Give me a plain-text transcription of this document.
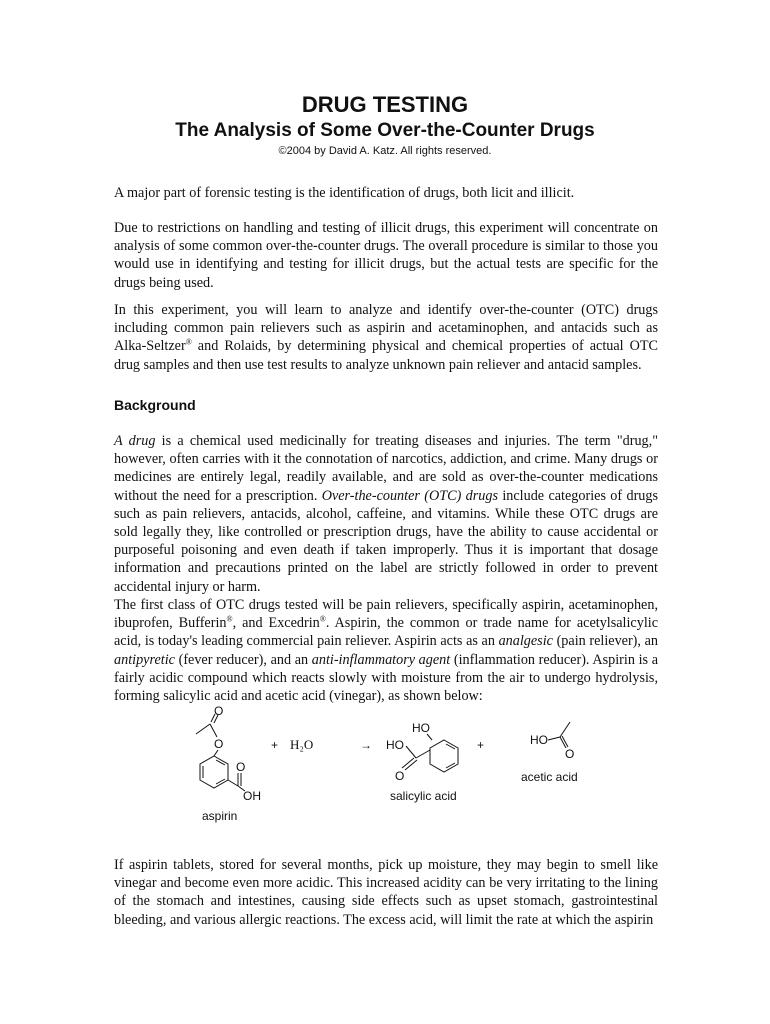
DRUG TESTING
The Analysis of Some Over-the-Counter Drugs

©2004 by David A. Katz. All rights reserved.

A major part of forensic testing is the identification of drugs, both licit and illicit.

Due to restrictions on handling and testing of illicit drugs, this experiment will concentrate on analysis of some common over-the-counter drugs. The overall procedure is similar to those you would use in identifying and testing for illicit drugs, but the actual tests are specific for the drugs being used.

In this experiment, you will learn to analyze and identify over-the-counter (OTC) drugs including common pain relievers such as aspirin and acetaminophen, and antacids such as Alka-Seltzer® and Rolaids, by determining physical and chemical properties of actual OTC drug samples and then use test results to analyze unknown pain reliever and antacid samples.

Background

A drug is a chemical used medicinally for treating diseases and injuries. The term "drug," however, often carries with it the connotation of narcotics, addiction, and crime. Many drugs or medicines are entirely legal, readily available, and are sold as over-the-counter medications without the need for a prescription. Over-the-counter (OTC) drugs include categories of drugs such as pain relievers, antacids, alcohol, caffeine, and vitamins. While these OTC drugs are sold legally they, like controlled or prescription drugs, have the ability to cause accidental or purposeful poisoning and even death if taken improperly. Thus it is important that dosage information and precautions printed on the label are strictly followed in order to prevent accidental injury or harm.

The first class of OTC drugs tested will be pain relievers, specifically aspirin, acetaminophen, ibuprofen, Bufferin®, and Excedrin®. Aspirin, the common or trade name for acetylsalicylic acid, is today's leading commercial pain reliever. Aspirin acts as an analgesic (pain reliever), an antipyretic (fever reducer), and an anti-inflammatory agent (inflammation reducer). Aspirin is a fairly acidic compound which reacts slowly with moisture from the air to undergo hydrolysis, forming salicylic acid and acetic acid (vinegar), as shown below:

O
O
O
OH
aspirin
+ H₂O	→
HO
HO
O
salicylic acid
+	HO
O
acetic acid

If aspirin tablets, stored for several months, pick up moisture, they may begin to smell like vinegar and become even more acidic. This increased acidity can be very irritating to the lining of the stomach and intestines, causing side effects such as upset stomach, gastrointestinal bleeding, and various allergic reactions. The excess acid, will limit the rate at which the aspirin
